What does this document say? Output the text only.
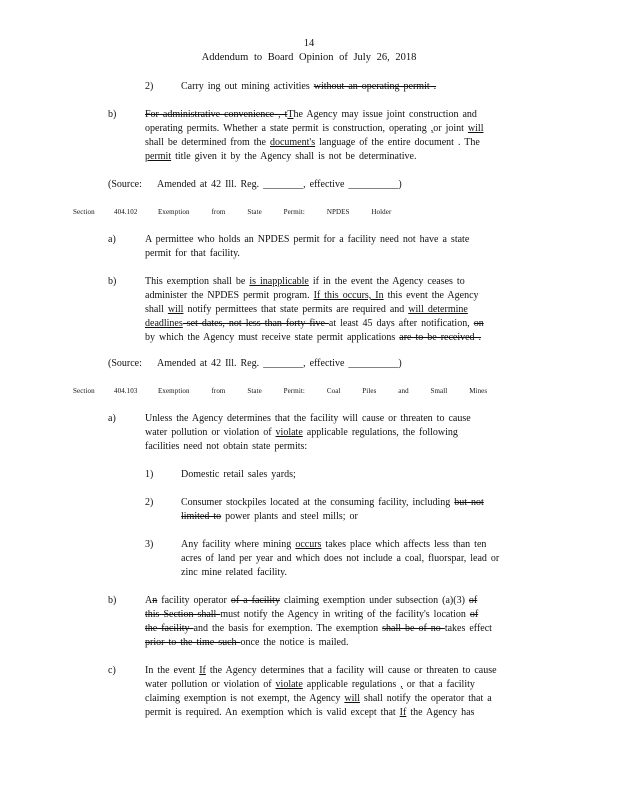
14
Addendum to Board Opinion of July 26, 2018
2)	Carry ing out mining activities without an operating permit .
b)	For administrative convenience , tThe Agency may issue joint construction and
operating permits. Whether a state permit is construction, operating ,or joint will
shall be determined from the document's language of the entire document . The
permit title given it by the Agency shall is not be determinative.
(Source: Amended at 42 Ill. Reg. ________, effective __________)
Section	404.102	Exemption from State Permit: NPDES Holder
a)	A permittee who holds an NPDES permit for a facility need not have a state
permit for that facility.
b)	This exemption shall be is inapplicable if in the event the Agency ceases to
administer the NPDES permit program. If this occurs, In this event the Agency
shall will notify permittees that state permits are required and will determine
deadlines set dates, not less than forty five at least 45 days after notification, on
by which the Agency must receive state permit applications are to be received .
(Source: Amended at 42 Ill. Reg. ________, effective __________)
Section	404.103	Exemption from State Permit: Coal Piles and Small Mines
a)	Unless the Agency determines that the facility will cause or threaten to cause
water pollution or violation of violate applicable regulations, the following
facilities need not obtain state permits:
1)	Domestic retail sales yards;
2)	Consumer stockpiles located at the consuming facility, including but not
limited to power plants and steel mills; or
3)	Any facility where mining occurs takes place which affects less than ten
acres of land per year and which does not include a coal, fluorspar, lead or
zinc mine related facility.
b)	An facility operator of a facility claiming exemption under subsection (a)(3) of
this Section shall must notify the Agency in writing of the facility's location of
the facility and the basis for exemption. The exemption shall be of no takes effect
prior to the time such once the notice is mailed.
c)	In the event If the Agency determines that a facility will cause or threaten to cause
water pollution or violation of violate applicable regulations , or that a facility
claiming exemption is not exempt, the Agency will shall notify the operator that a
permit is required. An exemption which is valid except that If the Agency has
